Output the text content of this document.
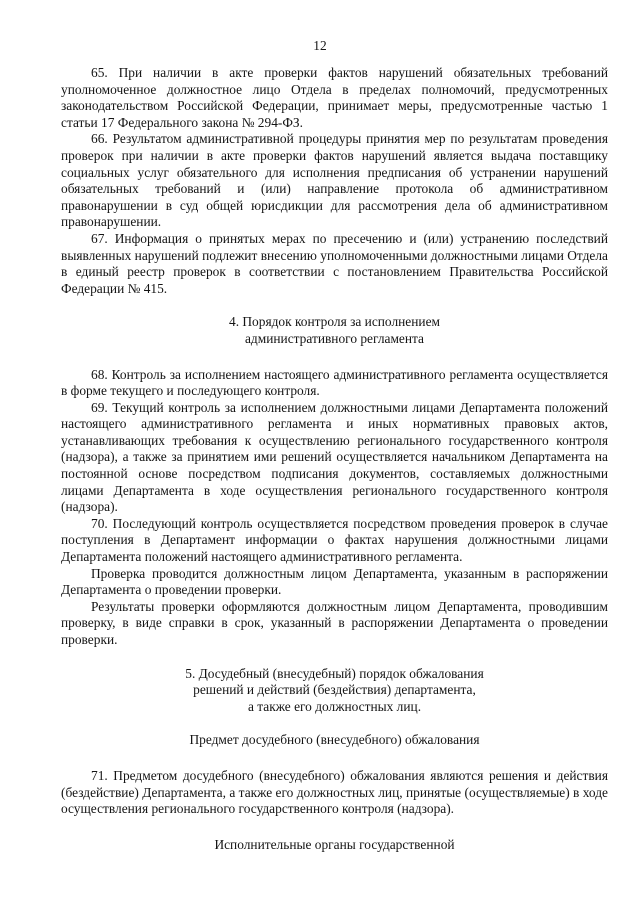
12

65. При наличии в акте проверки фактов нарушений обязательных требований уполномоченное должностное лицо Отдела в пределах полномочий, предусмотренных законодательством Российской Федерации, принимает меры, предусмотренные частью 1 статьи 17 Федерального закона № 294-ФЗ.

66. Результатом административной процедуры принятия мер по результатам проведения проверок при наличии в акте проверки фактов нарушений является выдача поставщику социальных услуг обязательного для исполнения предписания об устранении нарушений обязательных требований и (или) направление протокола об административном правонарушении в суд общей юрисдикции для рассмотрения дела об административном правонарушении.

67. Информация о принятых мерах по пресечению и (или) устранению последствий выявленных нарушений подлежит внесению уполномоченными должностными лицами Отдела в единый реестр проверок в соответствии с постановлением Правительства Российской Федерации № 415.

4. Порядок контроля за исполнением
административного регламента

68. Контроль за исполнением настоящего административного регламента осуществляется в форме текущего и последующего контроля.

69. Текущий контроль за исполнением должностными лицами Департамента положений настоящего административного регламента и иных нормативных правовых актов, устанавливающих требования к осуществлению регионального государственного контроля (надзора), а также за принятием ими решений осуществляется начальником Департамента на постоянной основе посредством подписания документов, составляемых должностными лицами Департамента в ходе осуществления регионального государственного контроля (надзора).

70. Последующий контроль осуществляется посредством проведения проверок в случае поступления в Департамент информации о фактах нарушения должностными лицами Департамента положений настоящего административного регламента.

Проверка проводится должностным лицом Департамента, указанным в распоряжении Департамента о проведении проверки.

Результаты проверки оформляются должностным лицом Департамента, проводившим проверку, в виде справки в срок, указанный в распоряжении Департамента о проведении проверки.

5. Досудебный (внесудебный) порядок обжалования
решений и действий (бездействия) департамента,
а также его должностных лиц.
Предмет досудебного (внесудебного) обжалования

71. Предметом досудебного (внесудебного) обжалования являются решения и действия (бездействие) Департамента, а также его должностных лиц, принятые (осуществляемые) в ходе осуществления регионального государственного контроля (надзора).

Исполнительные органы государственной
